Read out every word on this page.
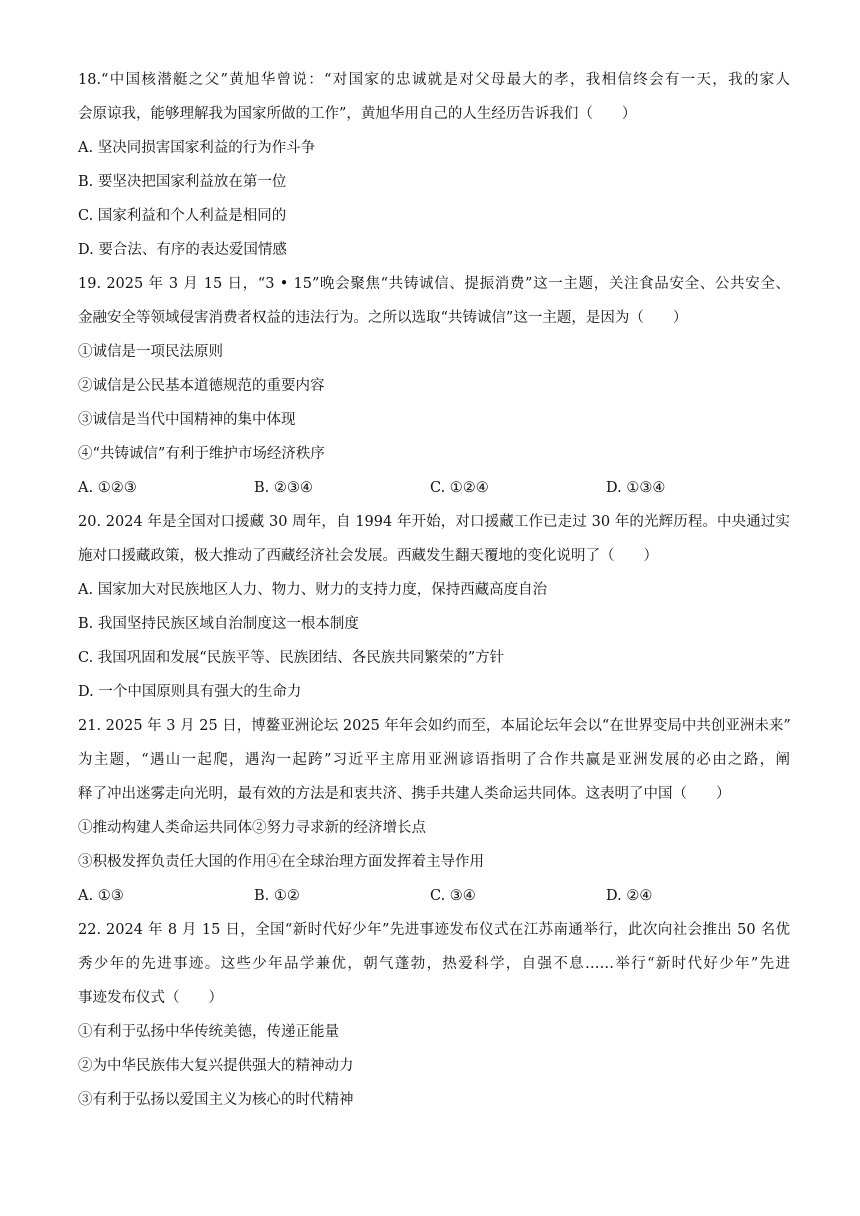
18.“中国核潜艇之父”黄旭华曾说：“对国家的忠诚就是对父母最大的孝，我相信终会有一天，我的家人
会原谅我，能够理解我为国家所做的工作”，黄旭华用自己的人生经历告诉我们（　　）
A. 坚决同损害国家利益的行为作斗争
B. 要坚决把国家利益放在第一位
C. 国家利益和个人利益是相同的
D. 要合法、有序的表达爱国情感
19. 2025 年 3 月 15 日，“3 • 15”晚会聚焦“共铸诚信、提振消费”这一主题，关注食品安全、公共安全、
金融安全等领域侵害消费者权益的违法行为。之所以选取“共铸诚信”这一主题，是因为（　　）
①诚信是一项民法原则
②诚信是公民基本道德规范的重要内容
③诚信是当代中国精神的集中体现
④“共铸诚信”有利于维护市场经济秩序
A. ①②③	B. ②③④	C. ①②④	D. ①③④
20. 2024 年是全国对口援藏 30 周年，自 1994 年开始，对口援藏工作已走过 30 年的光辉历程。中央通过实
施对口援藏政策，极大推动了西藏经济社会发展。西藏发生翻天覆地的变化说明了（　　）
A. 国家加大对民族地区人力、物力、财力的支持力度，保持西藏高度自治
B. 我国坚持民族区域自治制度这一根本制度
C. 我国巩固和发展“民族平等、民族团结、各民族共同繁荣的”方针
D. 一个中国原则具有强大的生命力
21. 2025 年 3 月 25 日，博鳌亚洲论坛 2025 年年会如约而至，本届论坛年会以“在世界变局中共创亚洲未来”
为主题，“遇山一起爬，遇沟一起跨”习近平主席用亚洲谚语指明了合作共赢是亚洲发展的必由之路，阐
释了冲出迷雾走向光明，最有效的方法是和衷共济、携手共建人类命运共同体。这表明了中国（　　）
①推动构建人类命运共同体②努力寻求新的经济增长点
③积极发挥负责任大国的作用④在全球治理方面发挥着主导作用
A. ①③	B. ①②	C. ③④	D. ②④
22. 2024 年 8 月 15 日，全国“新时代好少年”先进事迹发布仪式在江苏南通举行，此次向社会推出 50 名优
秀少年的先进事迹。这些少年品学兼优，朝气蓬勃，热爱科学，自强不息……举行“新时代好少年”先进
事迹发布仪式（　　）
①有利于弘扬中华传统美德，传递正能量
②为中华民族伟大复兴提供强大的精神动力
③有利于弘扬以爱国主义为核心的时代精神
